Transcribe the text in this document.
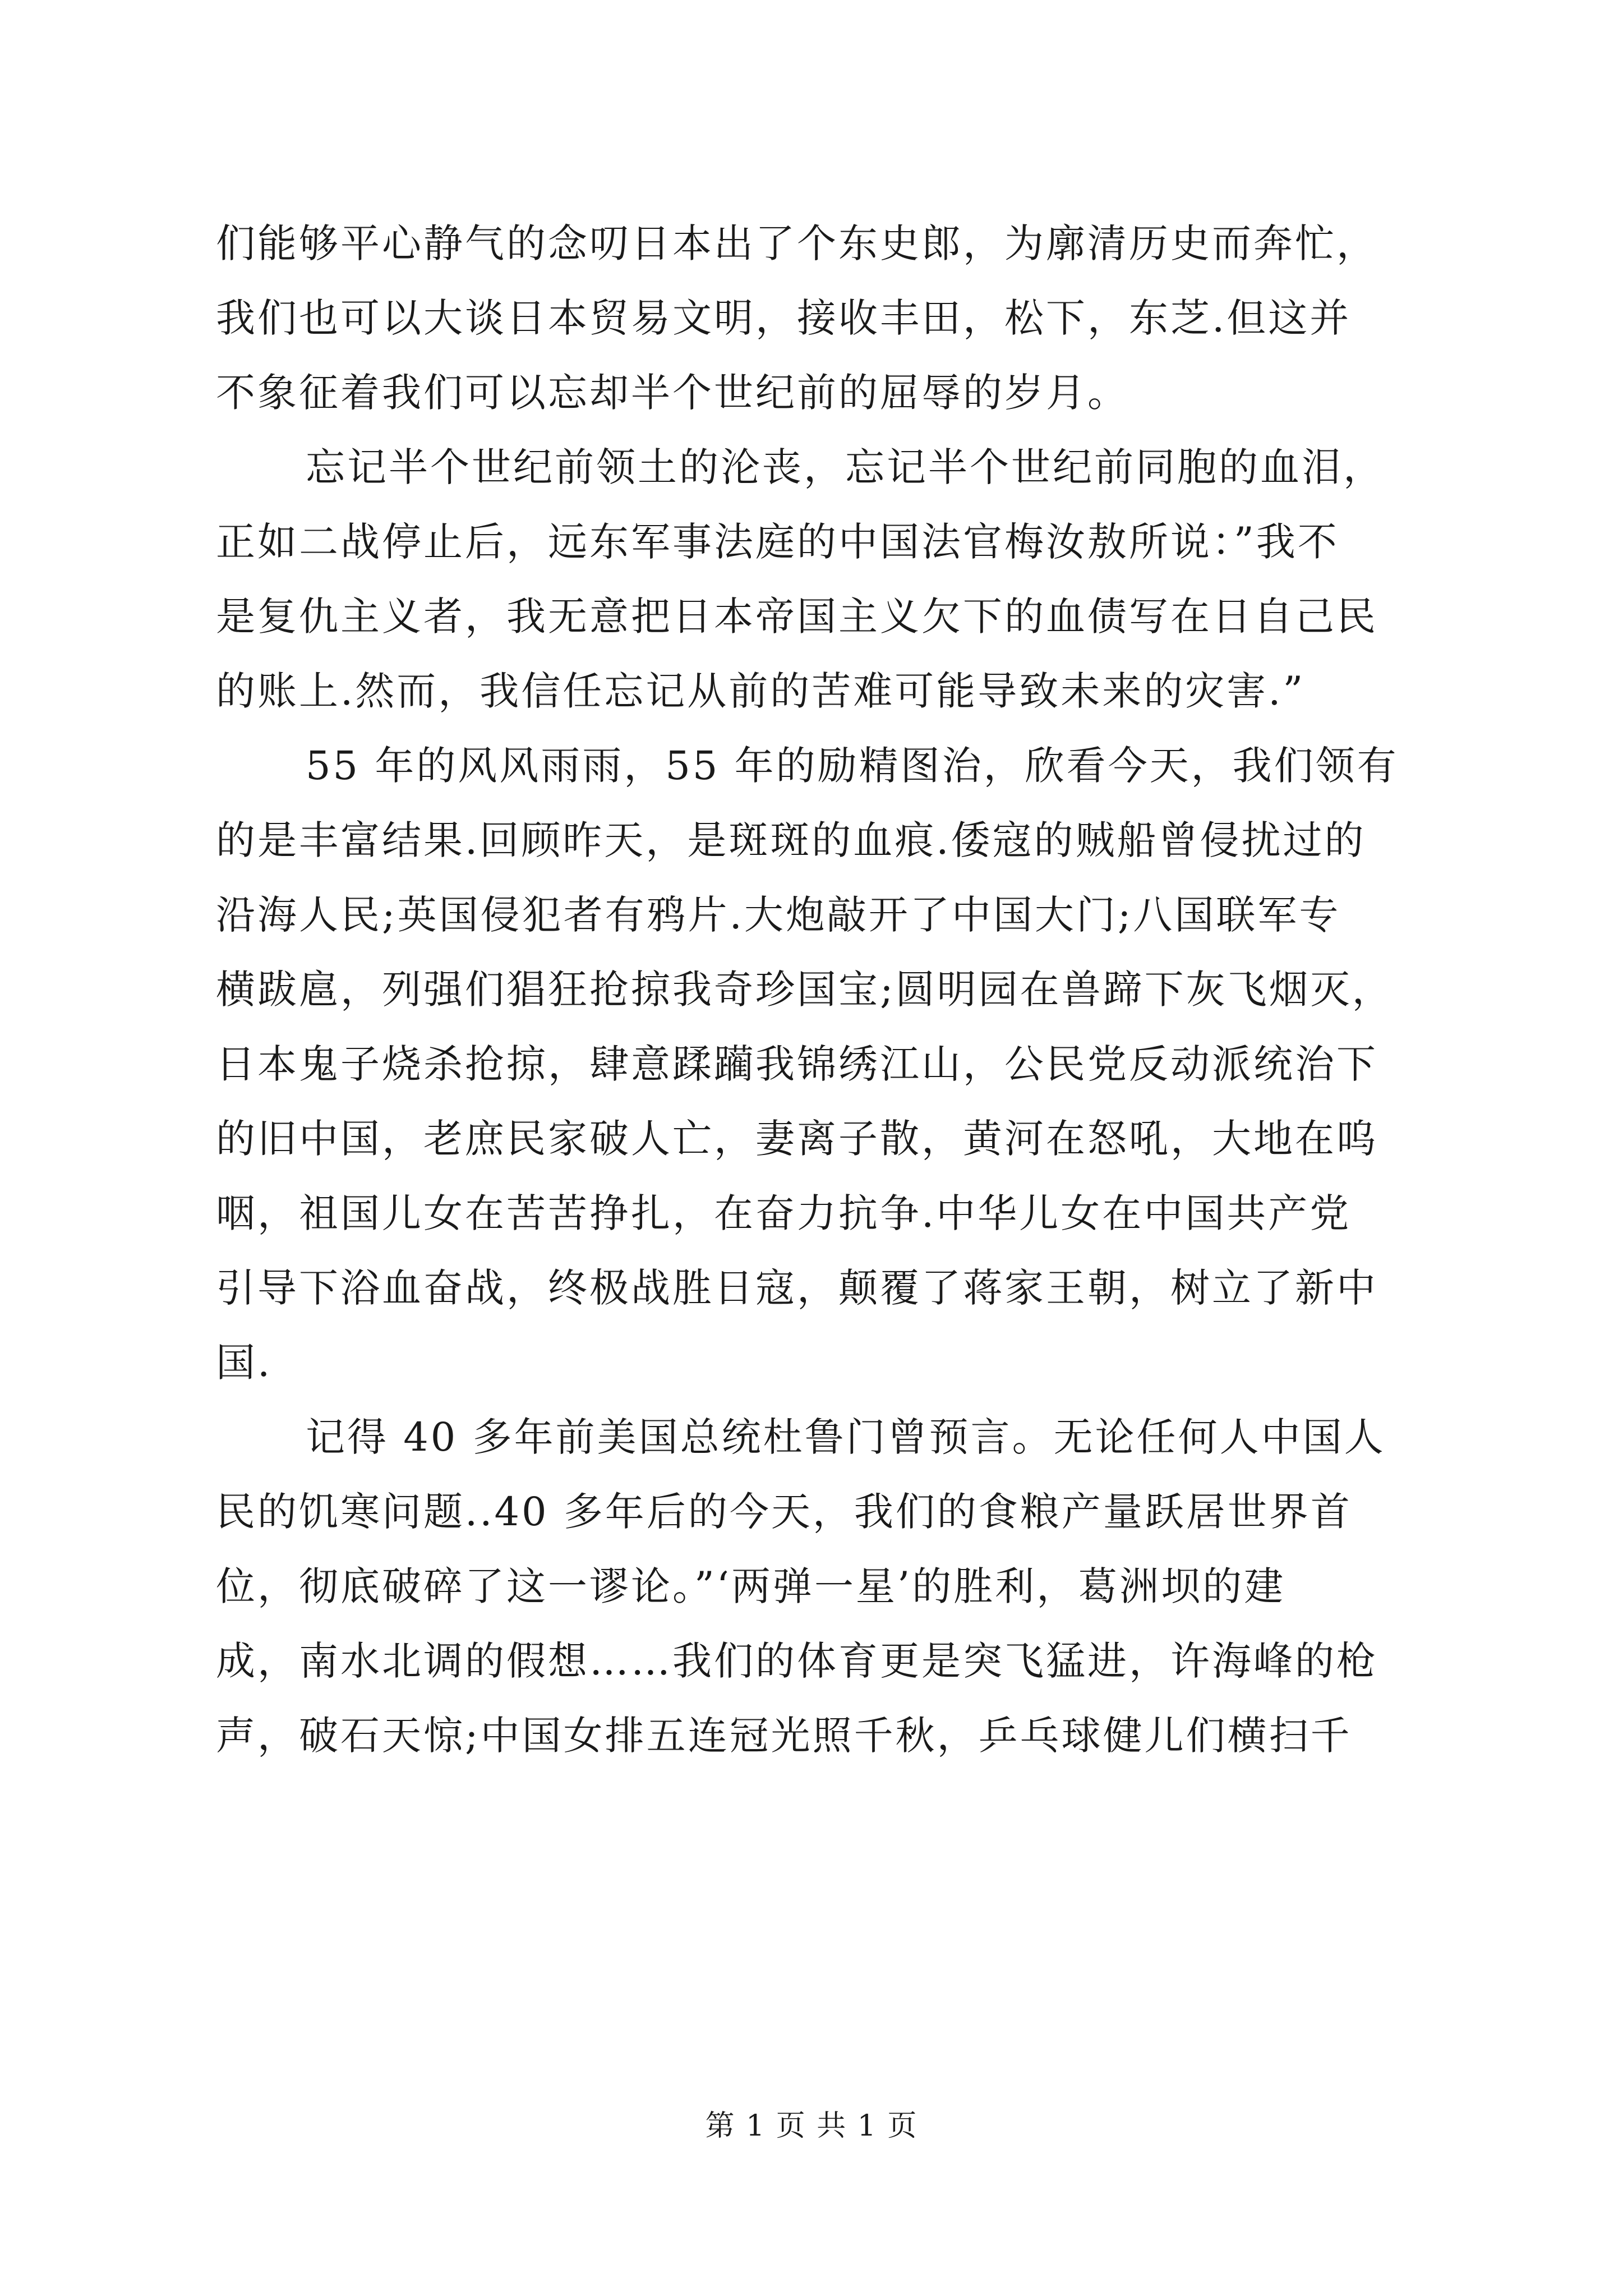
们能够平心静气的念叨日本出了个东史郎，为廓清历史而奔忙，
我们也可以大谈日本贸易文明，接收丰田，松下，东芝.但这并
不象征着我们可以忘却半个世纪前的屈辱的岁月。
忘记半个世纪前领土的沦丧，忘记半个世纪前同胞的血泪，
正如二战停止后，远东军事法庭的中国法官梅汝敖所说：”我不
是复仇主义者，我无意把日本帝国主义欠下的血债写在日自己民
的账上.然而，我信任忘记从前的苦难可能导致未来的灾害.”
55 年的风风雨雨，55 年的励精图治，欣看今天，我们领有
的是丰富结果.回顾昨天，是斑斑的血痕.倭寇的贼船曾侵扰过的
沿海人民;英国侵犯者有鸦片.大炮敲开了中国大门;八国联军专
横跋扈，列强们猖狂抢掠我奇珍国宝;圆明园在兽蹄下灰飞烟灭，
日本鬼子烧杀抢掠，肆意蹂躏我锦绣江山，公民党反动派统治下
的旧中国，老庶民家破人亡，妻离子散，黄河在怒吼，大地在呜
咽，祖国儿女在苦苦挣扎，在奋力抗争.中华儿女在中国共产党
引导下浴血奋战，终极战胜日寇，颠覆了蒋家王朝，树立了新中
国.
记得 40 多年前美国总统杜鲁门曾预言。无论任何人中国人
民的饥寒问题..40 多年后的今天，我们的食粮产量跃居世界首
位，彻底破碎了这一谬论。”‘两弹一星’的胜利，葛洲坝的建
成，南水北调的假想……我们的体育更是突飞猛进，许海峰的枪
声，破石天惊;中国女排五连冠光照千秋，乒乓球健儿们横扫千
第 1 页 共 1 页
